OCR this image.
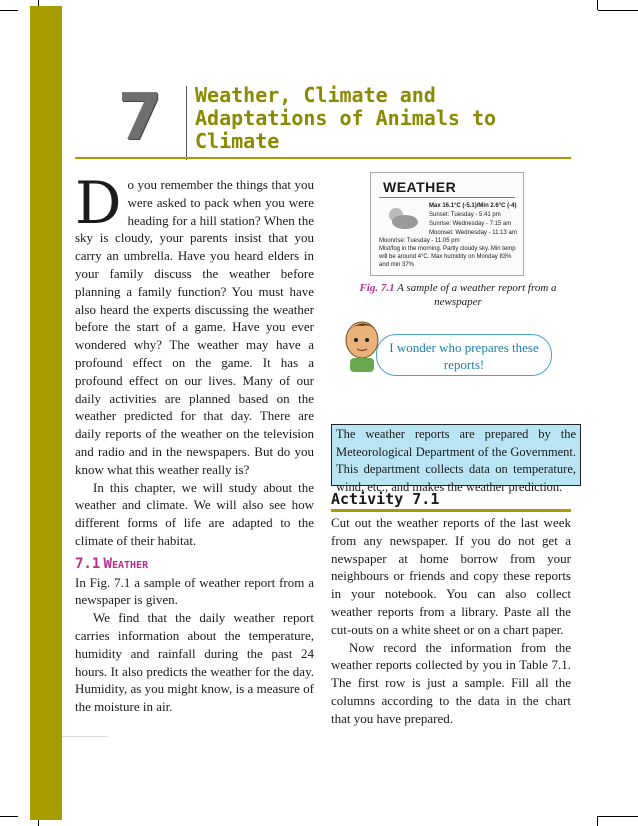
7	Weather, Climate and
Adaptations of Animals to
Climate

Do you remember the things that you were asked to pack when you were heading for a hill station? When the sky is cloudy, your parents insist that you carry an umbrella. Have you heard elders in your family discuss the weather before planning a family function? You must have also heard the experts discussing the weather before the start of a game. Have you ever wondered why? The weather may have a profound effect on the game. It has a profound effect on our lives. Many of our daily activities are planned based on the weather predicted for that day. There are daily reports of the weather on the television and radio and in the newspapers. But do you know what this weather really is?

In this chapter, we will study about the weather and climate. We will also see how different forms of life are adapted to the climate of their habitat.

7.1 Weather

In Fig. 7.1 a sample of weather report from a newspaper is given.

We find that the daily weather report carries information about the temperature, humidity and rainfall during the past 24 hours. It also predicts the weather for the day. Humidity, as you might know, is a measure of the moisture in air.

WEATHER
Max 16.1°C (-5.1)/Min 2.6°C (-4)
Sunset: Tuesday - 5:41 pm
Sunrise: Wednesday - 7:15 am
Moonset: Wednesday - 11:13 am
Moonrise: Tuesday - 11:05 pm
Mist/fog in the morning. Partly cloudy sky. Min temp will be around 4°C. Max humidity on Monday 83% and min 37%
Fig. 7.1 A sample of a weather report from a newspaper
I wonder who prepares these reports!
The weather reports are prepared by the Meteorological Department of the Government. This department collects data on temperature, wind, etc., and makes the weather prediction.
Activity 7.1

Cut out the weather reports of the last week from any newspaper. If you do not get a newspaper at home borrow from your neighbours or friends and copy these reports in your notebook. You can also collect weather reports from a library. Paste all the cut-outs on a white sheet or on a chart paper.

Now record the information from the weather reports collected by you in Table 7.1. The first row is just a sample. Fill all the columns according to the data in the chart that you have prepared.
